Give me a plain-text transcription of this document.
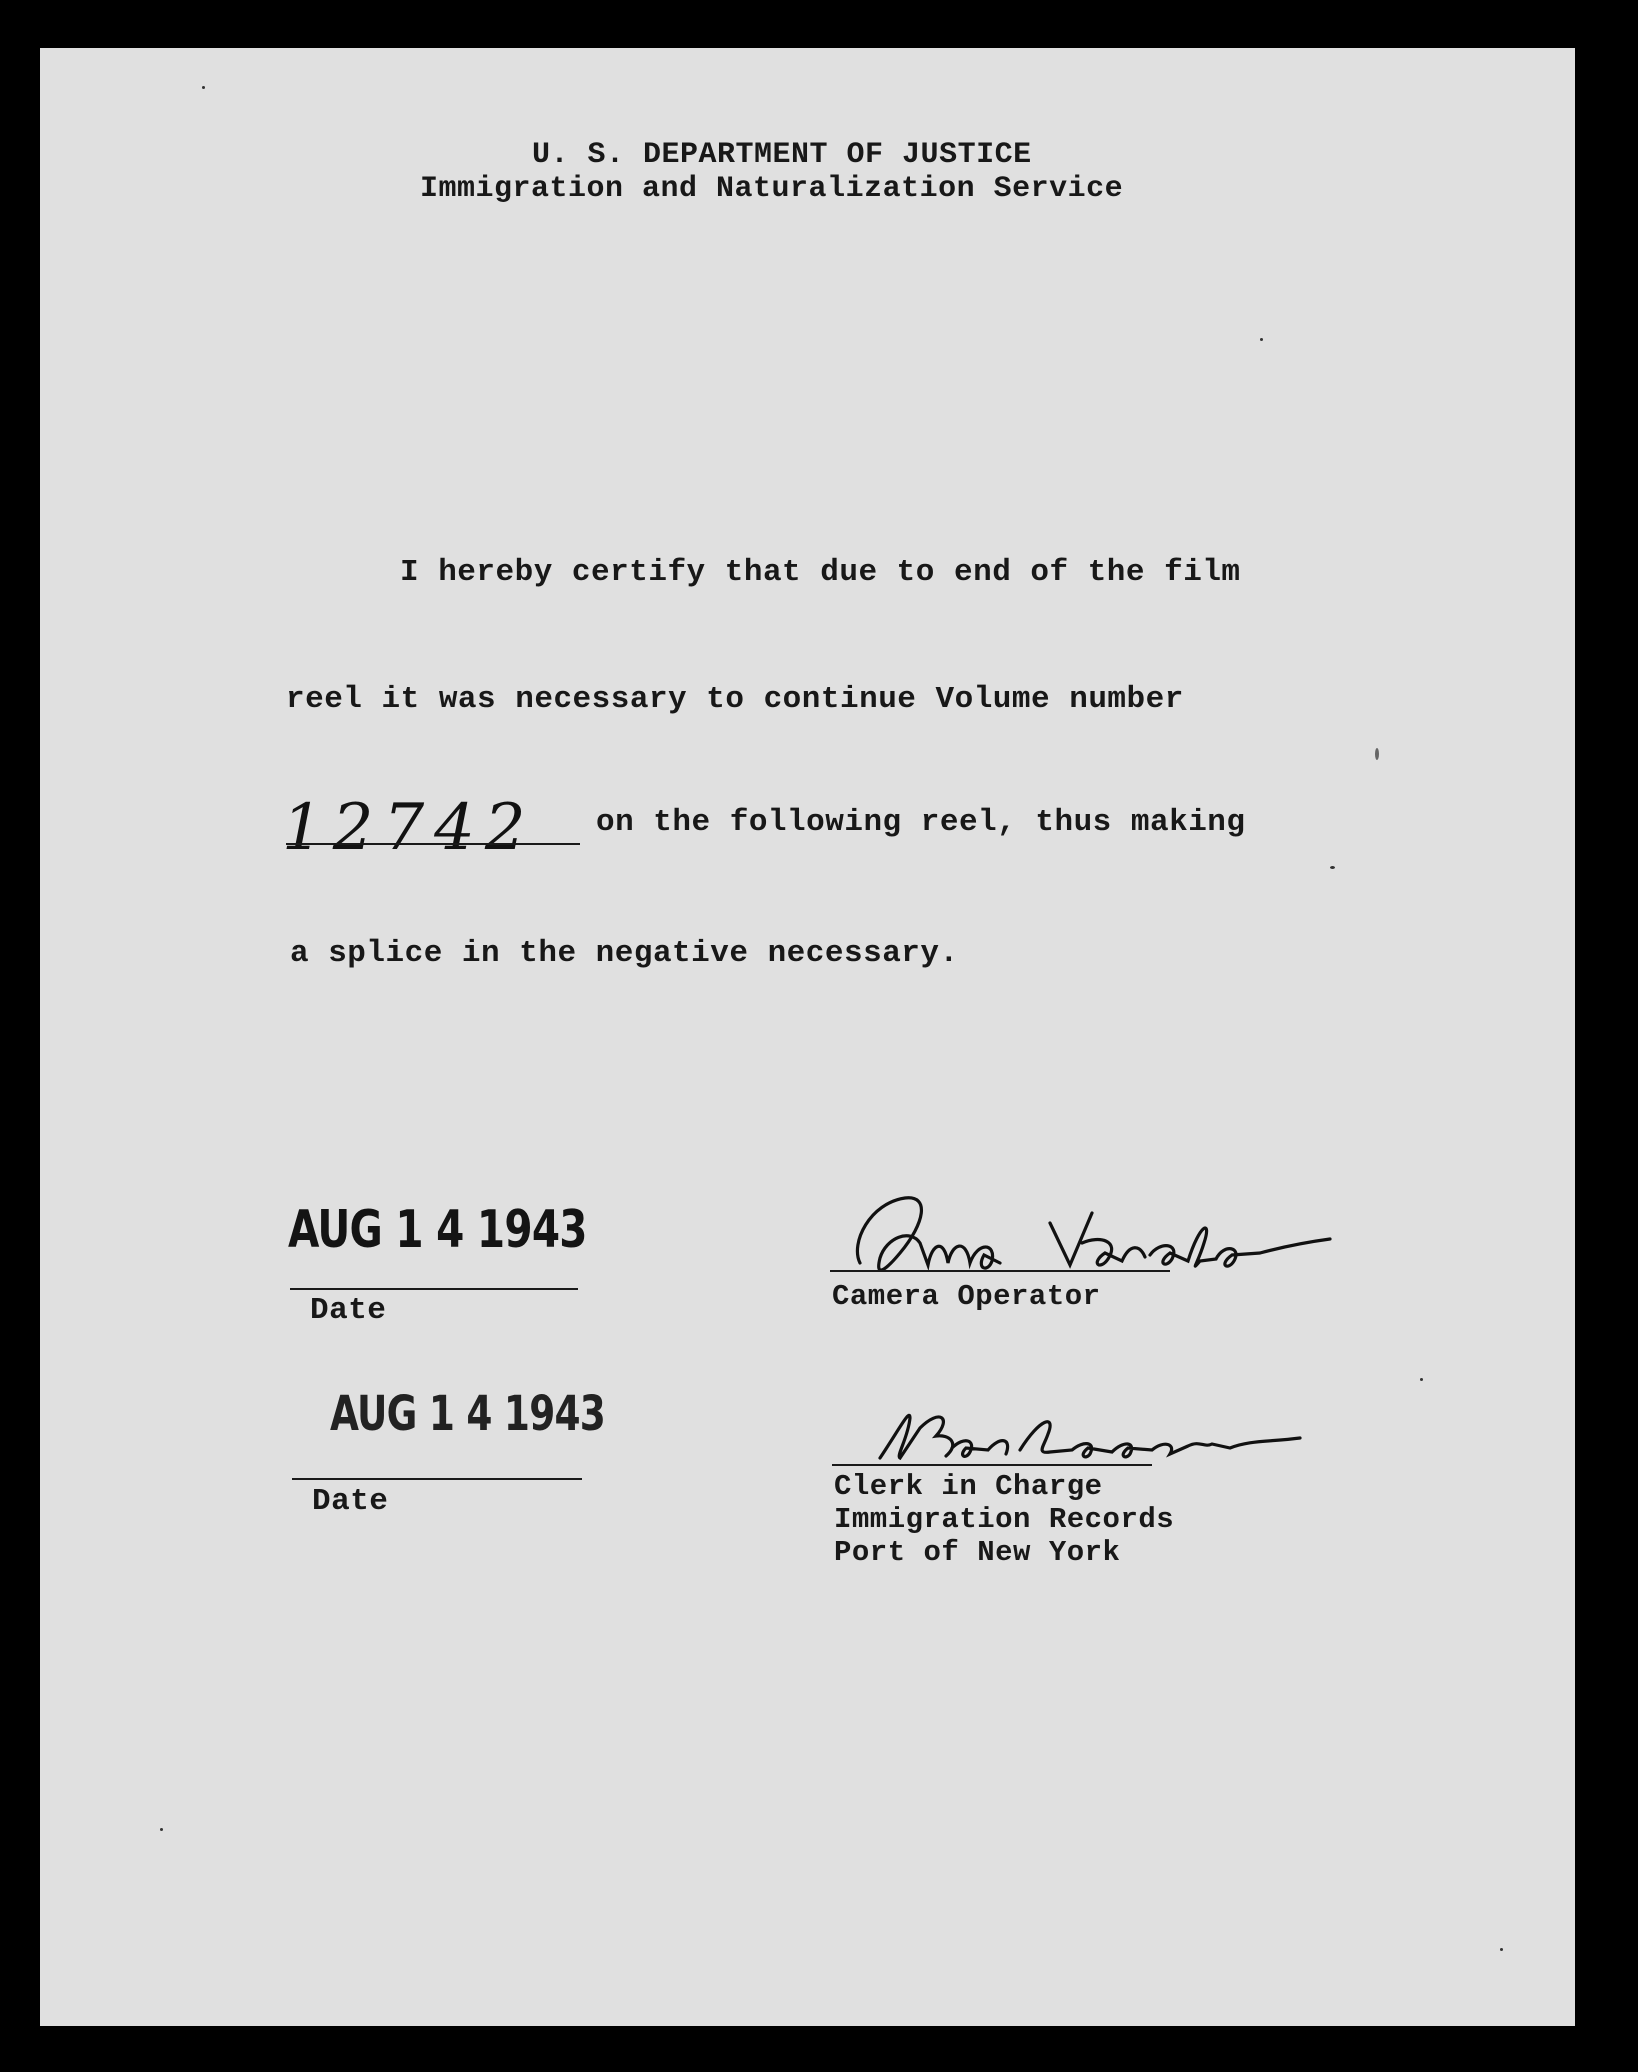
U. S. DEPARTMENT OF JUSTICE
Immigration and Naturalization Service
I hereby certify that due to end of the film
reel it was necessary to continue Volume number
12742 on the following reel, thus making
a splice in the negative necessary.
AUG 1 4 1943
Date
AUG 1 4 1943
Date
Camera Operator
Clerk in Charge
Immigration Records
Port of New York
